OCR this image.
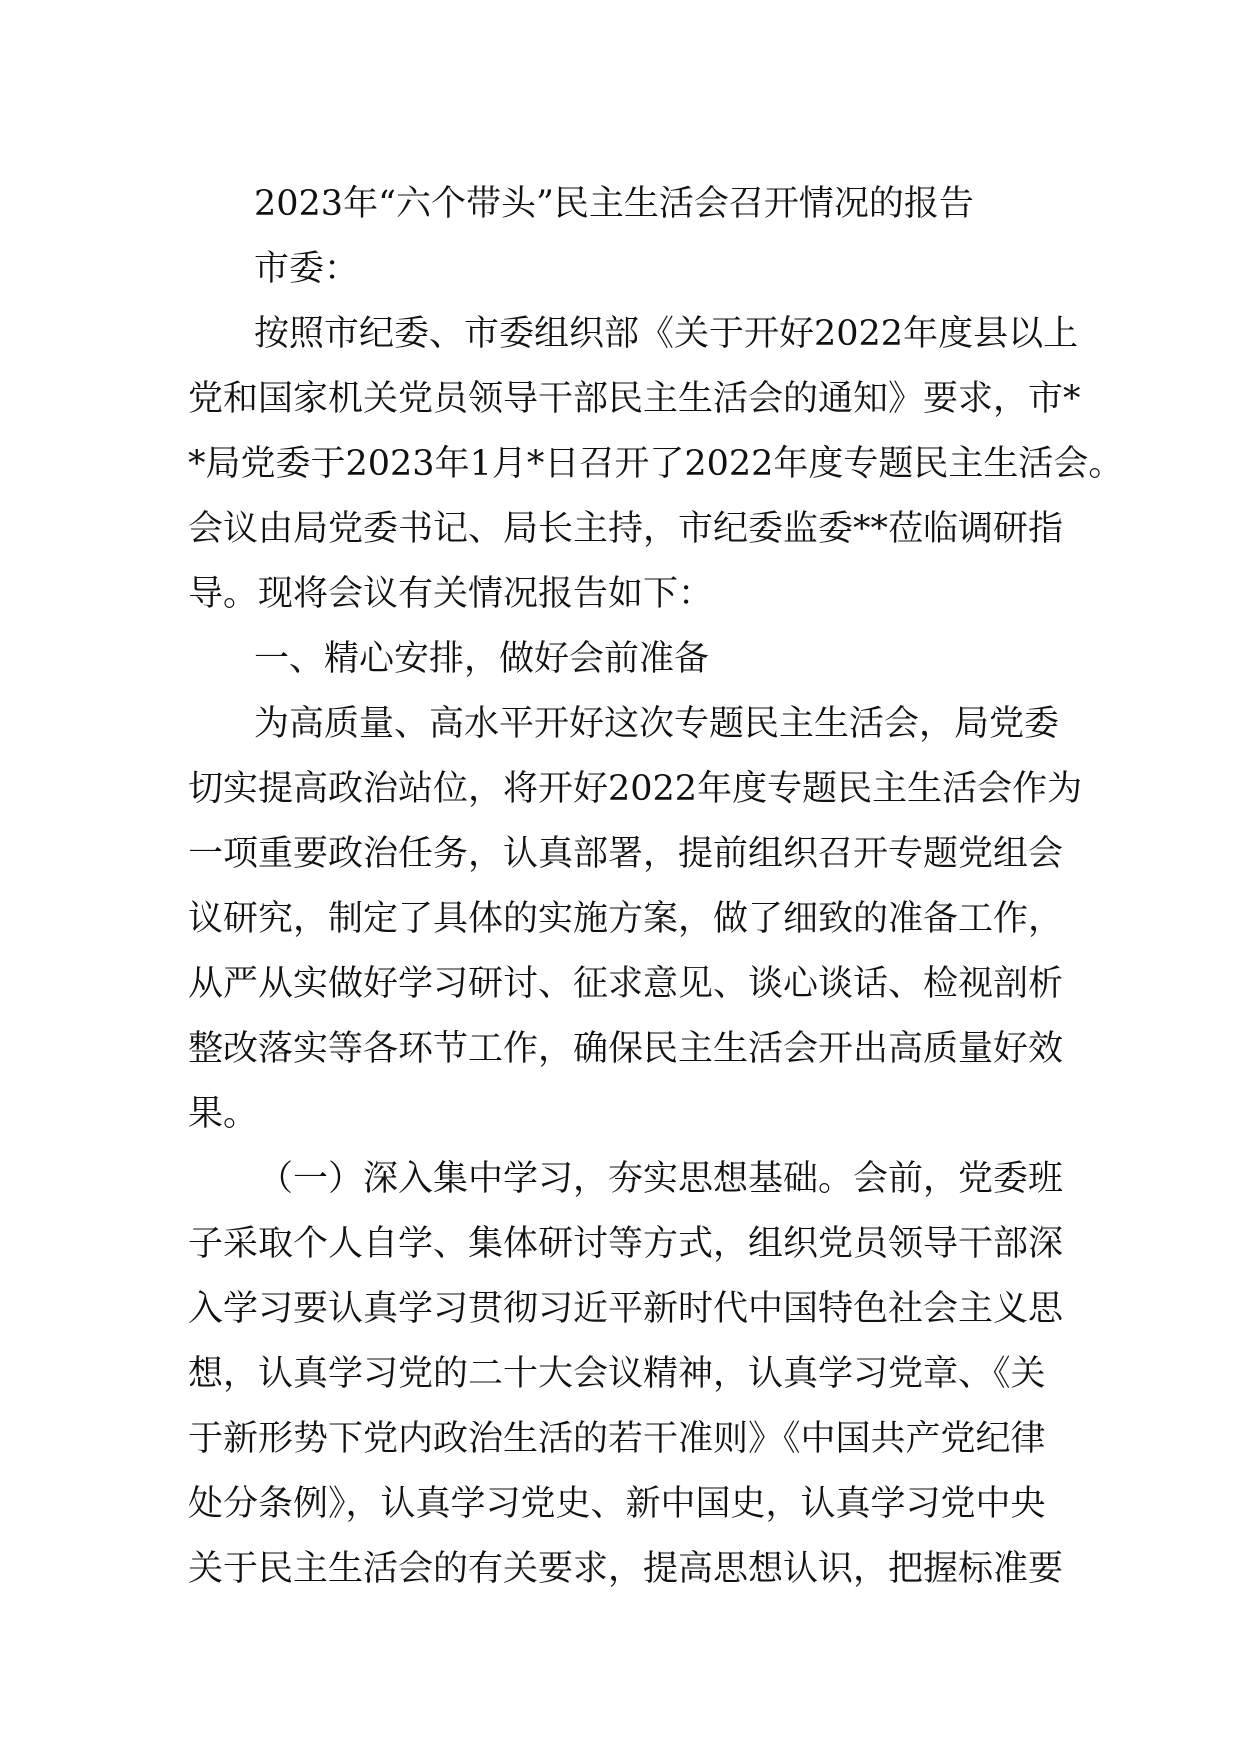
2023年“六个带头”民主生活会召开情况的报告
市委：
按照市纪委、市委组织部《关于开好2022年度县以上
党和国家机关党员领导干部民主生活会的通知》要求，市*
*局党委于2023年1月*日召开了2022年度专题民主生活会。
会议由局党委书记、局长主持，市纪委监委**莅临调研指
导。现将会议有关情况报告如下：
一、精心安排，做好会前准备
为高质量、高水平开好这次专题民主生活会，局党委
切实提高政治站位，将开好2022年度专题民主生活会作为
一项重要政治任务，认真部署，提前组织召开专题党组会
议研究，制定了具体的实施方案，做了细致的准备工作，
从严从实做好学习研讨、征求意见、谈心谈话、检视剖析
整改落实等各环节工作，确保民主生活会开出高质量好效
果。
（一）深入集中学习，夯实思想基础。会前，党委班
子采取个人自学、集体研讨等方式，组织党员领导干部深
入学习要认真学习贯彻习近平新时代中国特色社会主义思
想，认真学习党的二十大会议精神，认真学习党章、《关
于新形势下党内政治生活的若干准则》《中国共产党纪律
处分条例》，认真学习党史、新中国史，认真学习党中央
关于民主生活会的有关要求，提高思想认识，把握标准要
